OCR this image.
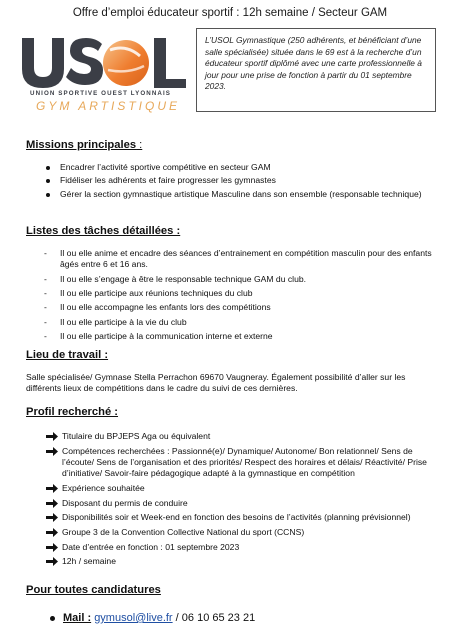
Offre d’emploi éducateur sportif : 12h semaine / Secteur GAM
UNION SPORTIVE OUEST LYONNAIS
GYM ARTISTIQUE
L’USOL Gymnastique (250 adhérents, et bénéficiant d’une salle spécialisée) située dans le 69 est à la recherche d’un éducateur sportif diplômé avec une carte professionnelle à jour pour une prise de fonction à partir du 01 septembre 2023.
Missions principales :
Encadrer l’activité sportive compétitive en secteur GAM
Fidéliser les adhérents et faire progresser les gymnastes
Gérer la section gymnastique artistique Masculine dans son ensemble (responsable technique)
Listes des tâches détaillées :
- Il ou elle anime et encadre des séances d’entrainement en compétition masculin pour des enfants âgés entre 6 et 16 ans.
- Il ou elle s’engage à être le responsable technique GAM du club.
- Il ou elle participe aux réunions techniques du club
- Il ou elle accompagne les enfants lors des compétitions
- Il ou elle participe à la vie du club
- Il ou elle participe à la communication interne et externe
Lieu de travail :
Salle spécialisée/ Gymnase Stella Perrachon 69670 Vaugneray. Également possibilité d’aller sur les différents lieux de compétitions dans le cadre du suivi de ces dernières.
Profil recherché :
Titulaire du BPJEPS Aga ou équivalent
Compétences recherchées : Passionné(e)/ Dynamique/ Autonome/ Bon relationnel/ Sens de l’écoute/ Sens de l’organisation et des priorités/ Respect des horaires et délais/ Réactivité/ Prise d’initiative/ Savoir-faire pédagogique adapté à la gymnastique en compétition
Expérience souhaitée
Disposant du permis de conduire
Disponibilités soir et Week-end en fonction des besoins de l’activités (planning prévisionnel)
Groupe 3 de la Convention Collective National du sport (CCNS)
Date d’entrée en fonction : 01 septembre 2023
12h / semaine
Pour toutes candidatures
Mail : gymusol@live.fr / 06 10 65 23 21
